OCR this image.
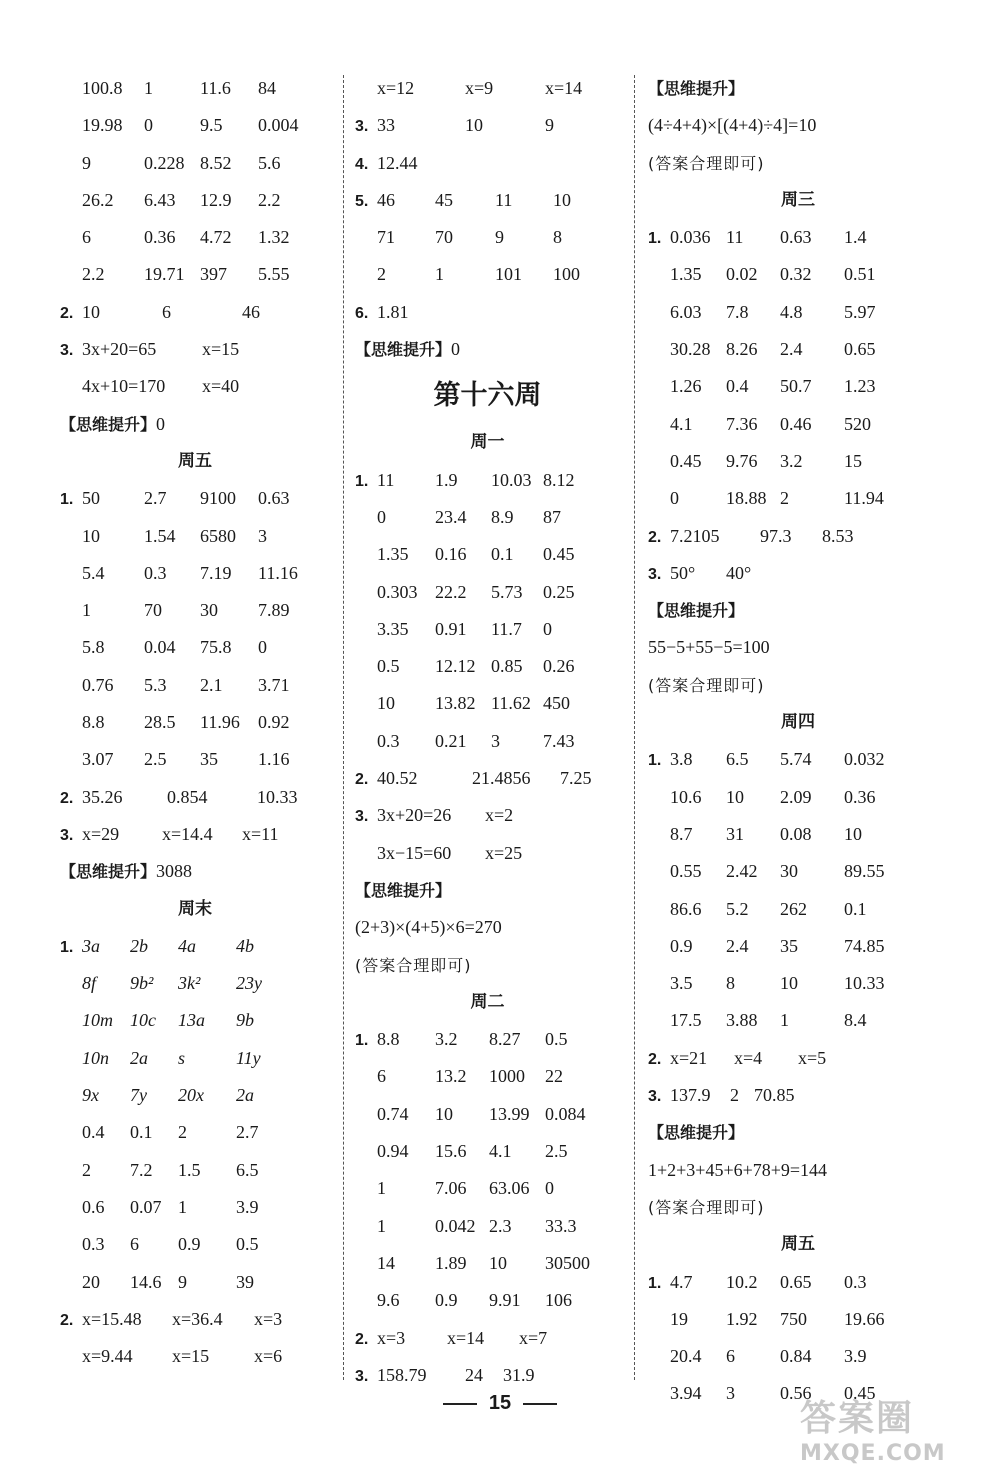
100.8 1	11.6 84
19.98 0	9.5 0.004
9	0.228 8.52 5.6
26.2 6.43 12.9 2.2
6	0.36 4.72 1.32
2.2 19.71 397 5.55
2. 10	6	46
3. 3x+20=65	x=15
4x+10=170 x=40
【思维提升】0
周五
1. 50 2.7 9100 0.63
10 1.54 6580 3
5.4 0.3 7.19 11.16
1	70 30 7.89
5.8 0.04 75.8 0
0.76 5.3 2.1 3.71
8.8 28.5 11.96 0.92
3.07 2.5 35 1.16
2. 35.26 0.854	10.33
3. x=29 x=14.4 x=11
【思维提升】3088
周末
1. 3a 2b 4a 4b
8f 9b² 3k² 23y
10m 10c 13a 9b
10n 2a s	11y
9x 7y 20x 2a
0.4 0.1 2	2.7
2 7.2 1.5 6.5
0.6 0.07 1	3.9
0.3 6 0.9 0.5
20 14.6 9	39
2. x=15.48 x=36.4 x=3
x=9.44 x=15 x=6
x=12	x=9	x=14
3. 33	10	9
4. 12.44
5. 46 45 11 10
71 70 9	8
2	1	101 100
6. 1.81
【思维提升】0
第十六周
周一
1. 11 1.9 10.03 8.12
0	23.4 8.9 87
1.35 0.16 0.1 0.45
0.303 22.2 5.73 0.25
3.35 0.91 11.7 0
0.5 12.12 0.85 0.26
10 13.82 11.62 450
0.3 0.21 3 7.43
2. 40.52	21.4856 7.25
3. 3x+20=26 x=2
3x−15=60 x=25
【思维提升】
(2+3)×(4+5)×6=270
(答案合理即可)
周二
1. 8.8 3.2 8.27 0.5
6	13.2 1000 22
0.74 10 13.99 0.084
0.94 15.6 4.1 2.5
1	7.06 63.06 0
1	0.042 2.3 33.3
14 1.89 10 30500
9.6 0.9 9.91 106
2. x=3 x=14 x=7
3. 158.79 24 31.9
【思维提升】
(4÷4+4)×[(4+4)÷4]=10
(答案合理即可)
周三
1. 0.036 11 0.63 1.4
1.35 0.02 0.32 0.51
6.03 7.8 4.8 5.97
30.28 8.26 2.4 0.65
1.26 0.4 50.7 1.23
4.1 7.36 0.46 520
0.45 9.76 3.2 15
0	18.88 2	11.94
2. 7.2105 97.3 8.53
3. 50° 40°
【思维提升】
55−5+55−5=100
(答案合理即可)
周四
1. 3.8 6.5 5.74 0.032
10.6 10 2.09 0.36
8.7 31 0.08 10
0.55 2.42 30	89.55
86.6 5.2 262 0.1
0.9 2.4 35	74.85
3.5 8	10	10.33
17.5 3.88 1	8.4
2. x=21 x=4 x=5
3. 137.9 2 70.85
【思维提升】
1+2+3+45+6+78+9=144
(答案合理即可)
周五
1. 4.7 10.2 0.65 0.3
19 1.92 750 19.66
20.4 6	0.84 3.9
3.94 3	0.56 0.45
15	答案圈
MXQE.COM
